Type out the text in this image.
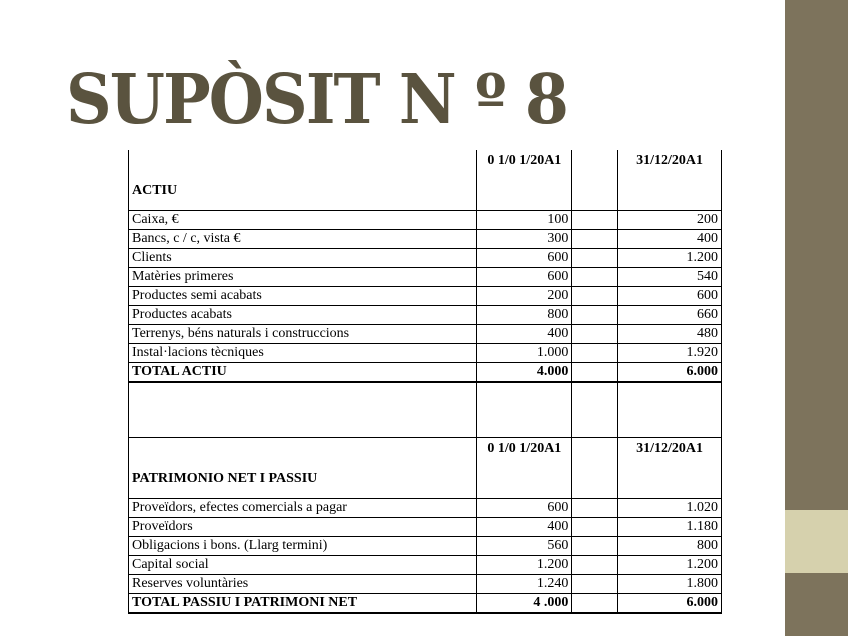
SUPÒSIT N º 8
ACTIU	0 1/0 1/20A1		31/12/20A1
Caixa, €	100		200
Bancs, c / c, vista €	300		400
Clients	600		1.200
Matèries primeres	600		540
Productes semi acabats	200		600
Productes acabats	800		660
Terrenys, béns naturals i construccions	400		480
Instal·lacions tècniques	1.000		1.920
TOTAL ACTIU	4.000		6.000

PATRIMONIO NET I PASSIU	0 1/0 1/20A1		31/12/20A1
Proveïdors, efectes comercials a pagar	600		1.020
Proveïdors	400		1.180
Obligacions i bons. (Llarg termini)	560		800
Capital social	1.200		1.200
Reserves voluntàries	1.240		1.800
TOTAL PASSIU I PATRIMONI NET	4 .000		6.000
